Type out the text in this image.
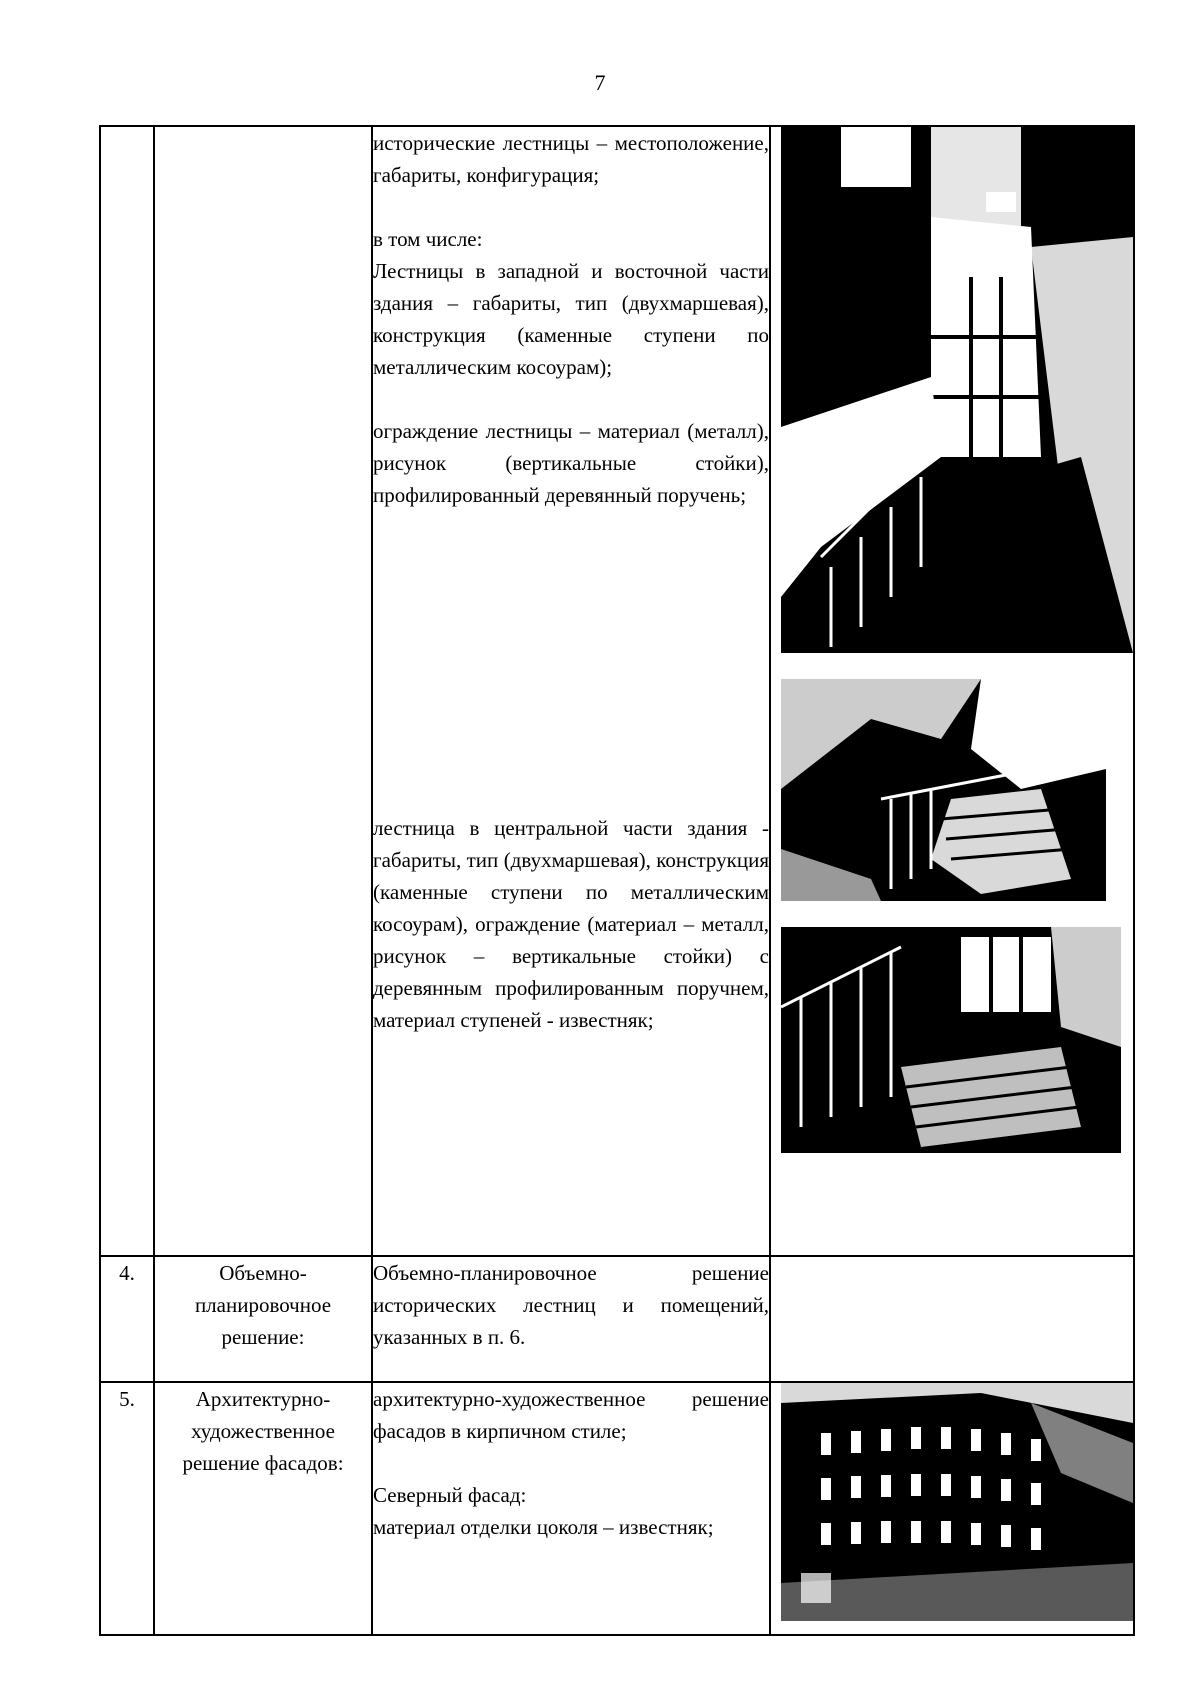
7

		исторические лестницы – местоположение, габариты, конфигурация;

в том числе:

Лестницы в западной и восточной части здания – габариты, тип (двухмаршевая), конструкция (каменные ступени по металлическим косоурам);

ограждение лестницы – материал (металл), рисунок (вертикальные стойки), профилированный деревянный поручень;

лестница в центральной части здания - габариты, тип (двухмаршевая), конструкция (каменные ступени по металлическим косоурам), ограждение (материал – металл, рисунок – вертикальные стойки) с деревянным профилированным поручнем, материал ступеней - известняк;

4.	Объемно-планировочное решение:	Объемно-планировочное решение исторических лестниц и помещений, указанных в п. 6.	

5.	Архитектурно-художественное решение фасадов:	архитектурно-художественное решение фасадов в кирпичном стиле;

Северный фасад:

материал отделки цоколя – известняк;
